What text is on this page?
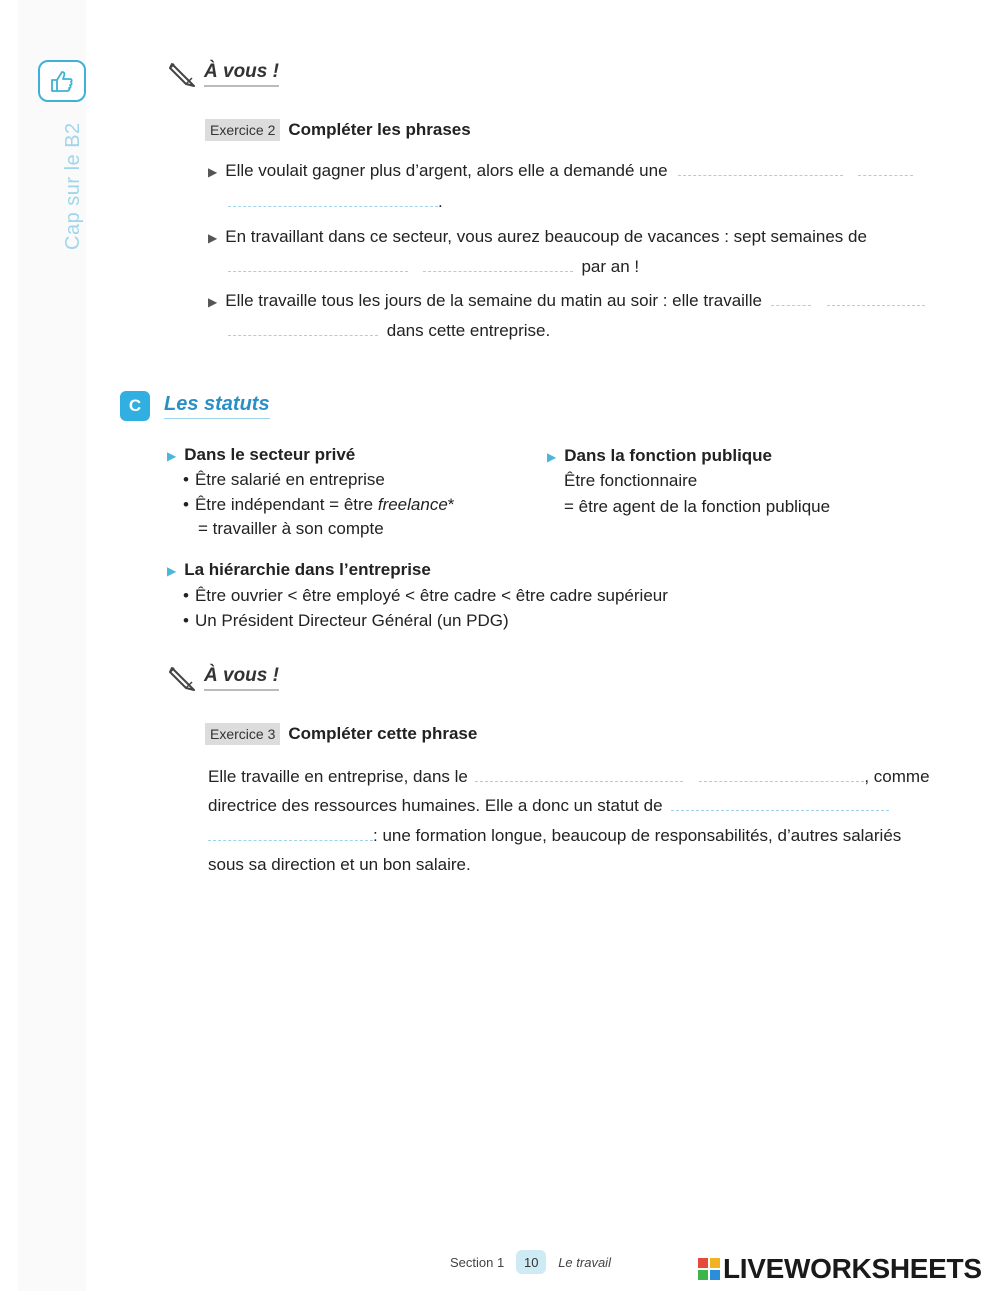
Cap sur le B2
À vous !
Exercice 2 Compléter les phrases
▶ Elle voulait gagner plus d’argent, alors elle a demandé une
.
▶ En travaillant dans ce secteur, vous aurez beaucoup de vacances : sept semaines de
par an !
▶ Elle travaille tous les jours de la semaine du matin au soir : elle travaille
dans cette entreprise.
C	Les statuts
▶ Dans le secteur privé
• Être salarié en entreprise
• Être indépendant = être freelance*
= travailler à son compte
▶ Dans la fonction publique
Être fonctionnaire
= être agent de la fonction publique
▶ La hiérarchie dans l’entreprise
• Être ouvrier < être employé < être cadre < être cadre supérieur
• Un Président Directeur Général (un PDG)
À vous !
Exercice 3 Compléter cette phrase
Elle travaille en entreprise, dans le	, comme
directrice des ressources humaines. Elle a donc un statut de
: une formation longue, beaucoup de responsabilités, d’autres salariés
sous sa direction et un bon salaire.
Section 1	10	Le travail	LIVEWORKSHEETS
